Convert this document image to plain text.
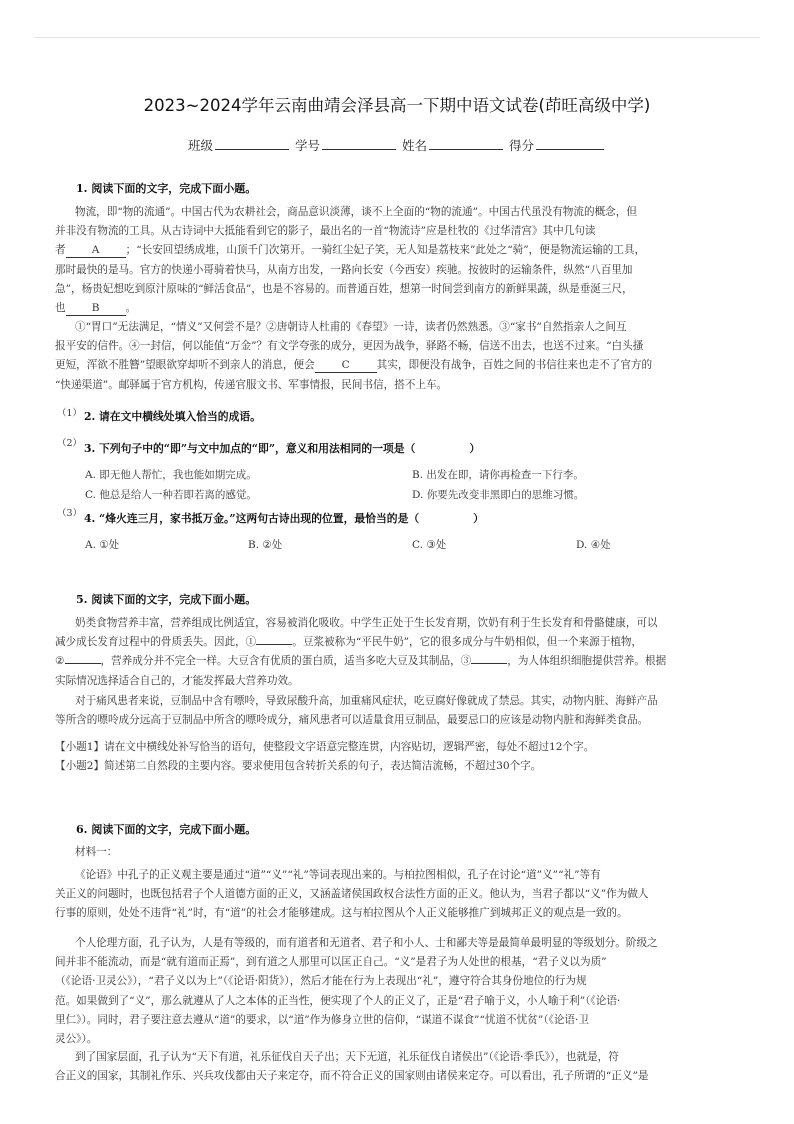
2023~2024学年云南曲靖会泽县高一下期中语文试卷(茚旺高级中学)
班级	学号	姓名	得分
1. 阅读下面的文字，完成下面小题。
物流，即“物的流通”。中国古代为农耕社会，商品意识淡薄，谈不上全面的“物的流通”。中国古代虽没有物流的概念，但
并非没有物流的工具。从古诗词中大抵能看到它的影子，最出名的一首“物流诗”应是杜牧的《过华清宫》其中几句读
者 A ；“长安回望绣成堆，山顶千门次第开。一骑红尘妃子笑，无人知是荔枝来”此处之“骑”，便是物流运输的工具，
那时最快的是马。官方的快递小哥骑着快马，从南方出发，一路向长安（今西安）疾驰。按彼时的运输条件，纵然“八百里加
急”，杨贵妃想吃到原汁原味的“鲜活食品”，也是不容易的。而普通百姓，想第一时间尝到南方的新鲜果蔬，纵是垂涎三尺，
也 B 。
①“胃口”无法满足，“情义”又何尝不是？②唐朝诗人杜甫的《春望》一诗，读者仍然熟悉。③“家书”自然指亲人之间互
报平安的信件。④一封信，何以能值“万金”？有文学夸张的成分，更因为战争，驿路不畅，信送不出去，也送不过来。“白头搔
更短，浑欲不胜簪”望眼欲穿却听不到亲人的消息，便会	C	其实，即便没有战争，百姓之间的书信往来也走不了官方的
“快递渠道”。邮驿属于官方机构，传递官服文书、军事情报，民间书信，搭不上车。
（1） 2. 请在文中横线处填入恰当的成语。
（2） 3. 下列句子中的“即”与文中加点的“即”，意义和用法相同的一项是（　　　　　）
A. 即无他人帮忙，我也能如期完成。	B. 出发在即，请你再检查一下行李。
C. 他总是给人一种若即若离的感觉。	D. 你要先改变非黑即白的思维习惯。
（3） 4. “烽火连三月，家书抵万金。”这两句古诗出现的位置，最恰当的是（　　　　　）
A. ①处	B. ②处	C. ③处	D. ④处
5. 阅读下面的文字，完成下面小题。
奶类食物营养丰富，营养组成比例适宜，容易被消化吸收。中学生正处于生长发育期，饮奶有利于生长发育和骨骼健康，可以
减少成长发育过程中的骨质丢失。因此，①	。豆浆被称为“平民牛奶”，它的很多成分与牛奶相似，但一个来源于植物，
②	，营养成分并不完全一样。大豆含有优质的蛋白质，适当多吃大豆及其制品，③	，为人体组织细胞提供营养。根据
实际情况选择适合自己的，才能发挥最大营养功效。
对于痛风患者来说，豆制品中含有嘌呤，导致尿酸升高，加重痛风症状，吃豆腐好像就成了禁忌。其实，动物内脏、海鲜产品
等所含的嘌呤成分远高于豆制品中所含的嘌呤成分，痛风患者可以适量食用豆制品，最要忌口的应该是动物内脏和海鲜类食品。
【小题1】请在文中横线处补写恰当的语句，使整段文字语意完整连贯，内容贴切，逻辑严密，每处不超过12个字。
【小题2】简述第二自然段的主要内容。要求使用包含转折关系的句子，表达简洁流畅，不超过30个字。
6. 阅读下面的文字，完成下面小题。
材料一：
《论语》中孔子的正义观主要是通过“道”“义”“礼”等词表现出来的。与柏拉图相似，孔子在讨论“道”义”“礼”等有
关正义的问题时，也既包括君子个人道德方面的正义，又涵盖诸侯国政权合法性方面的正义。他认为，当君子都以“义”作为做人
行事的原则，处处不违背“礼”时，有“道”的社会才能够建成。这与柏拉图从个人正义能够推广到城邦正义的观点是一致的。
个人伦理方面，孔子认为，人是有等级的，而有道者和无道者、君子和小人、士和鄙夫等是最简单最明显的等级划分。阶级之
间并非不能流动，而是“就有道而正焉”，到有道之人那里可以匡正自己。“义”是君子为人处世的根基，“君子义以为质”
（《论语·卫灵公》），“君子义以为上”（《论语·阳货》），然后才能在行为上表现出“礼”，遵守符合其身份地位的行为规
范。如果做到了“义”，那么就遵从了人之本体的正当性，便实现了个人的正义了，正是“君子喻于义，小人喻于利”（《论语·
里仁》）。同时，君子要注意去遵从“道”的要求，以“道”作为修身立世的信仰，“谋道不谋食”“忧道不忧贫”（《论语·卫
灵公》）。
到了国家层面，孔子认为“天下有道，礼乐征伐自天子出；天下无道，礼乐征伐自诸侯出”（《论语·季氏》），也就是，符
合正义的国家，其制礼作乐、兴兵攻伐都由天子来定夺，而不符合正义的国家则由诸侯来定夺。可以看出，孔子所谓的“正义”是
